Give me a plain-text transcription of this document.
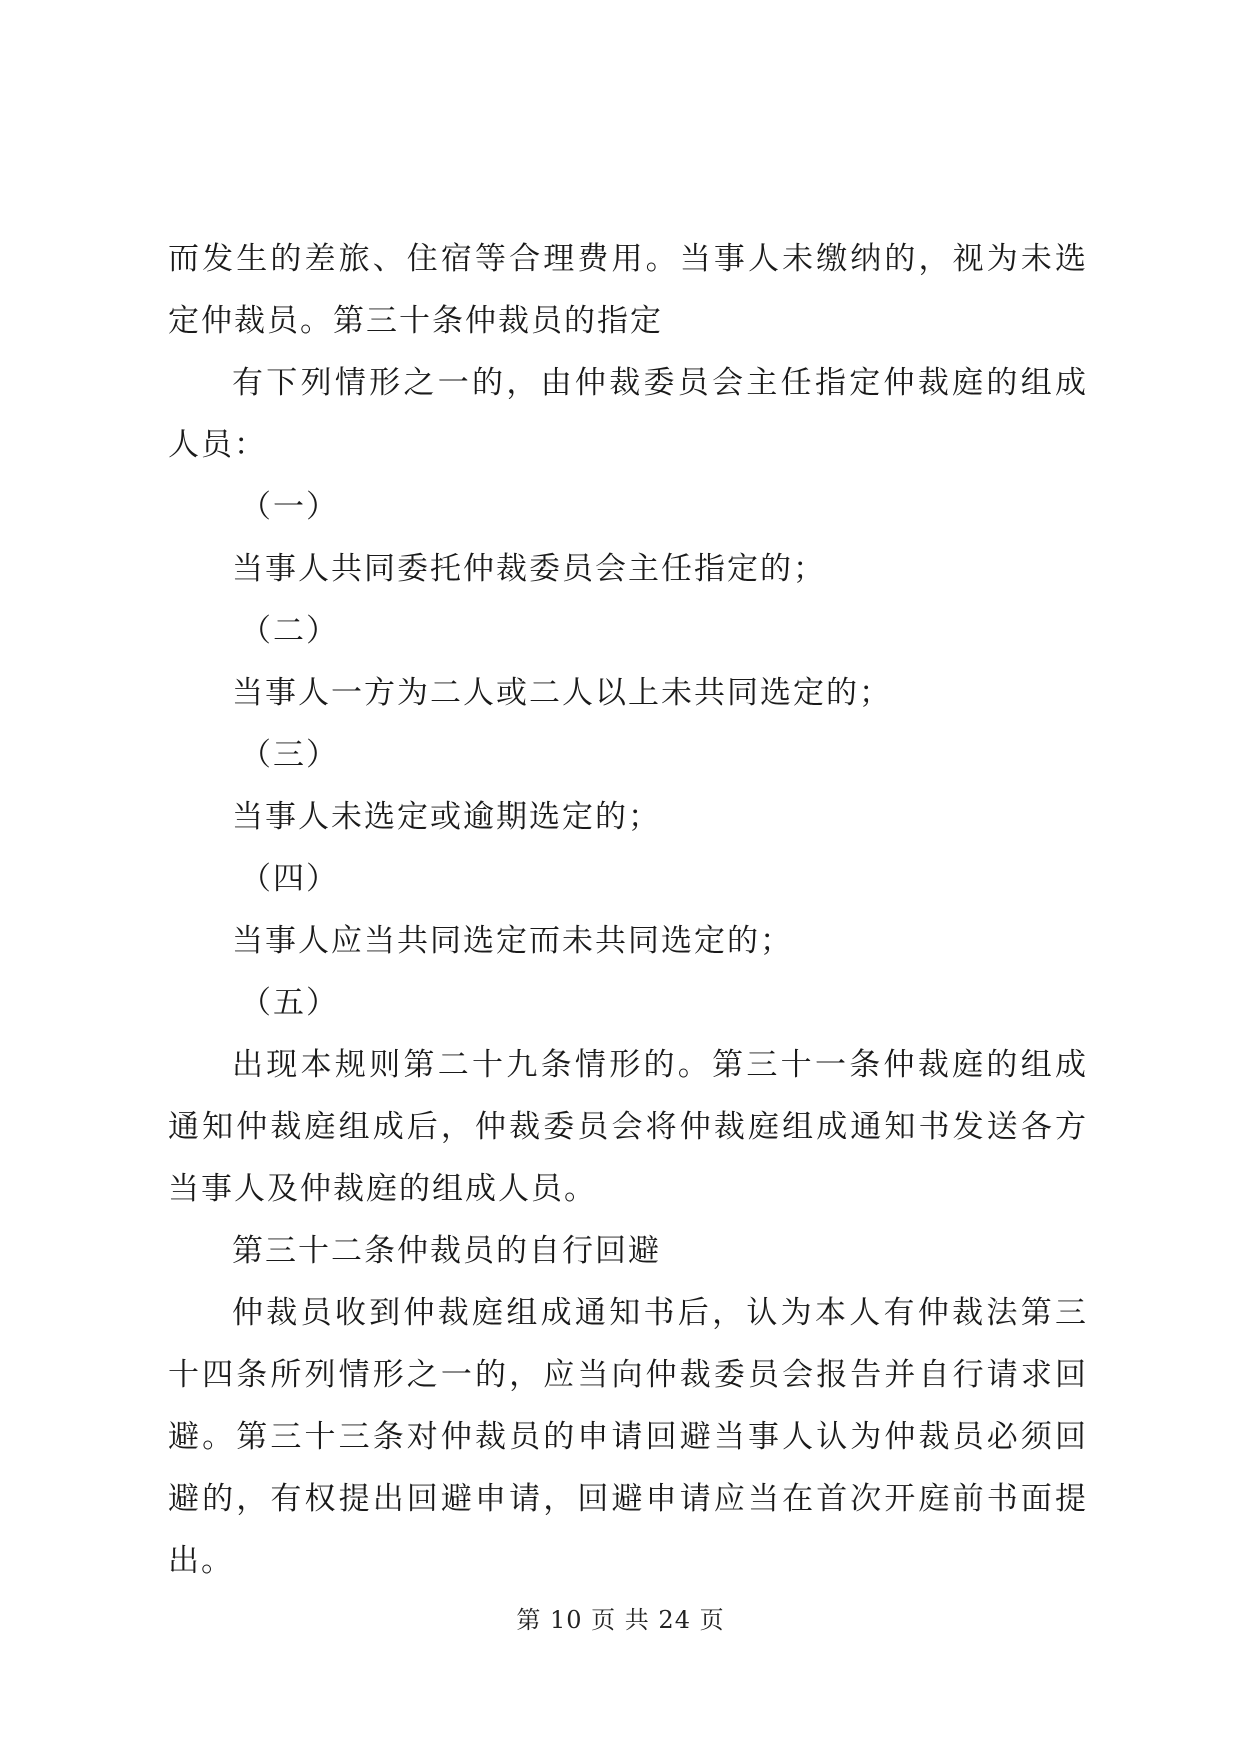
而发生的差旅、住宿等合理费用。当事人未缴纳的，视为未选定仲裁员。第三十条仲裁员的指定

有下列情形之一的，由仲裁委员会主任指定仲裁庭的组成人员：

（一）

当事人共同委托仲裁委员会主任指定的；

（二）

当事人一方为二人或二人以上未共同选定的；

（三）

当事人未选定或逾期选定的；

（四）

当事人应当共同选定而未共同选定的；

（五）

出现本规则第二十九条情形的。第三十一条仲裁庭的组成通知仲裁庭组成后，仲裁委员会将仲裁庭组成通知书发送各方当事人及仲裁庭的组成人员。

第三十二条仲裁员的自行回避

仲裁员收到仲裁庭组成通知书后，认为本人有仲裁法第三十四条所列情形之一的，应当向仲裁委员会报告并自行请求回避。第三十三条对仲裁员的申请回避当事人认为仲裁员必须回避的，有权提出回避申请，回避申请应当在首次开庭前书面提出。

第 10 页 共 24 页
